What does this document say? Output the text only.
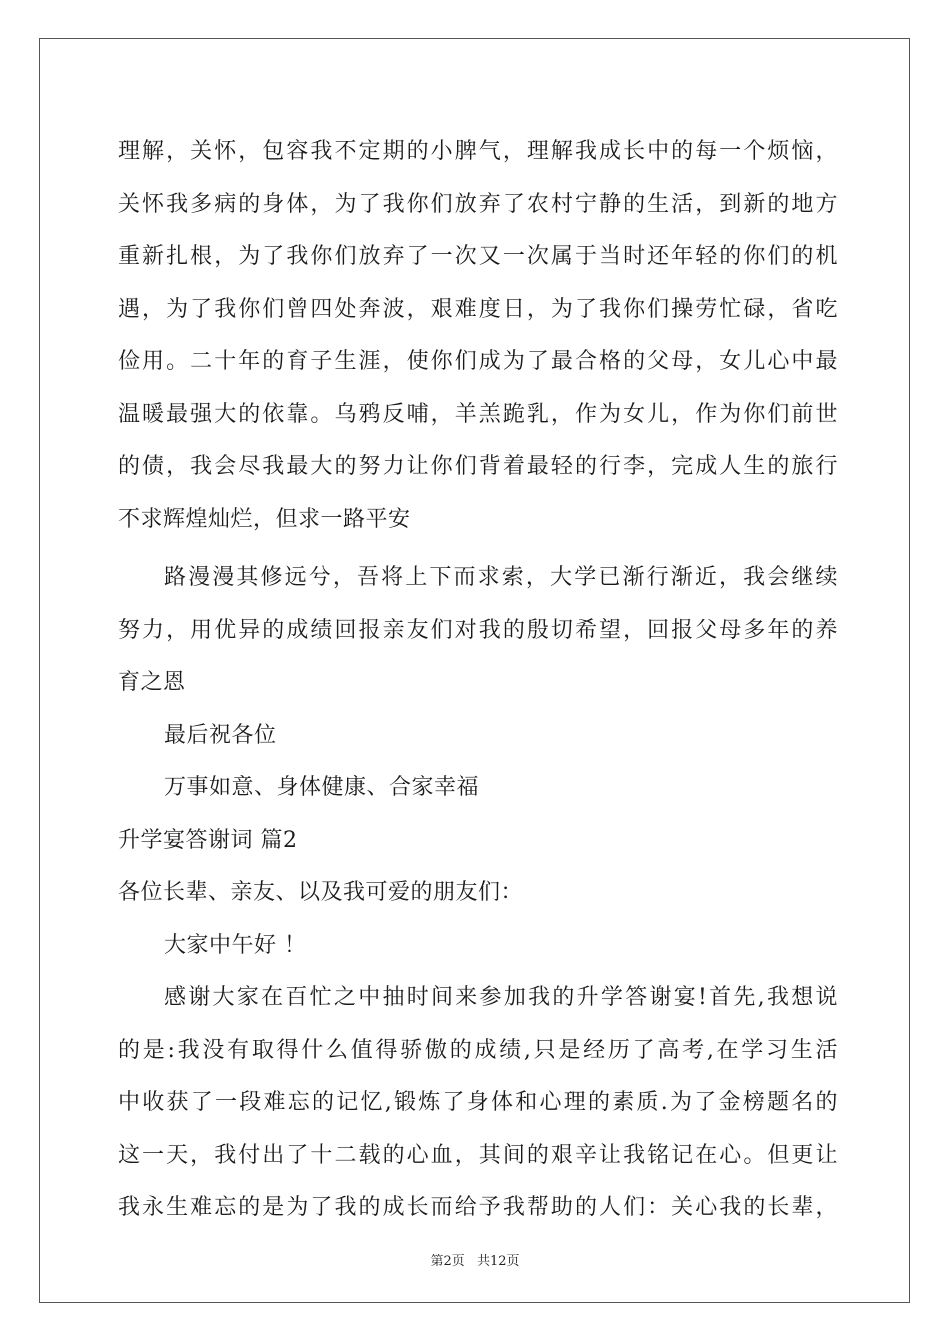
理解，关怀，包容我不定期的小脾气，理解我成长中的每一个烦恼，
关怀我多病的身体，为了我你们放弃了农村宁静的生活，到新的地方
重新扎根，为了我你们放弃了一次又一次属于当时还年轻的你们的机
遇，为了我你们曾四处奔波，艰难度日，为了我你们操劳忙碌，省吃
俭用。二十年的育子生涯，使你们成为了最合格的父母，女儿心中最
温暖最强大的依靠。乌鸦反哺，羊羔跪乳，作为女儿，作为你们前世
的债，我会尽我最大的努力让你们背着最轻的行李，完成人生的旅行
不求辉煌灿烂，但求一路平安
路漫漫其修远兮，吾将上下而求索，大学已渐行渐近，我会继续
努力，用优异的成绩回报亲友们对我的殷切希望，回报父母多年的养
育之恩
最后祝各位
万事如意、身体健康、合家幸福
升学宴答谢词 篇2
各位长辈、亲友、以及我可爱的朋友们：
大家中午好 ！
感谢大家在百忙之中抽时间来参加我的升学答谢宴!首先,我想说
的是:我没有取得什么值得骄傲的成绩,只是经历了高考,在学习生活
中收获了一段难忘的记忆,锻炼了身体和心理的素质.为了金榜题名的
这一天，我付出了十二载的心血，其间的艰辛让我铭记在心。但更让
我永生难忘的是为了我的成长而给予我帮助的人们：关心我的长辈，
第2页 共12页
